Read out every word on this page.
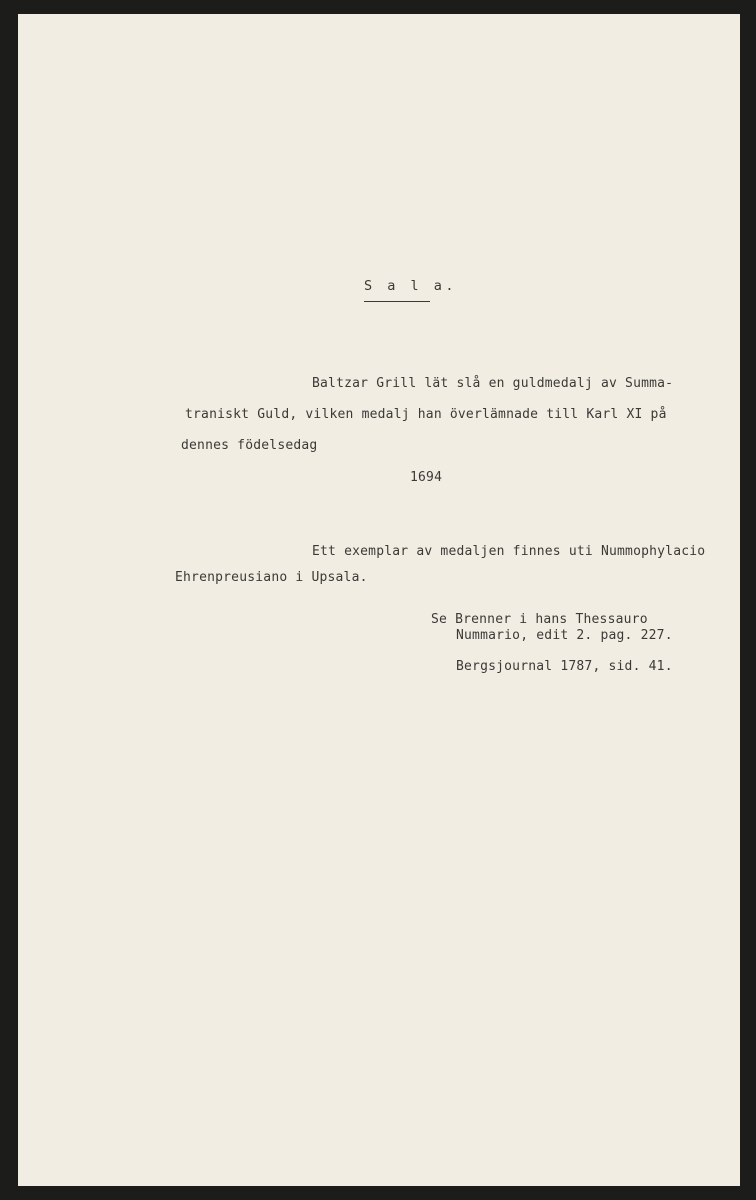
S a l a.
Baltzar Grill lät slå en guldmedalj av Summa-
traniskt Guld, vilken medalj han överlämnade till Karl XI på
dennes födelsedag
1694
Ett exemplar av medaljen finnes uti Nummophylacio
Ehrenpreusiano i Upsala.
Se Brenner i hans Thessauro
Nummario, edit 2. pag. 227.
Bergsjournal 1787, sid. 41.
